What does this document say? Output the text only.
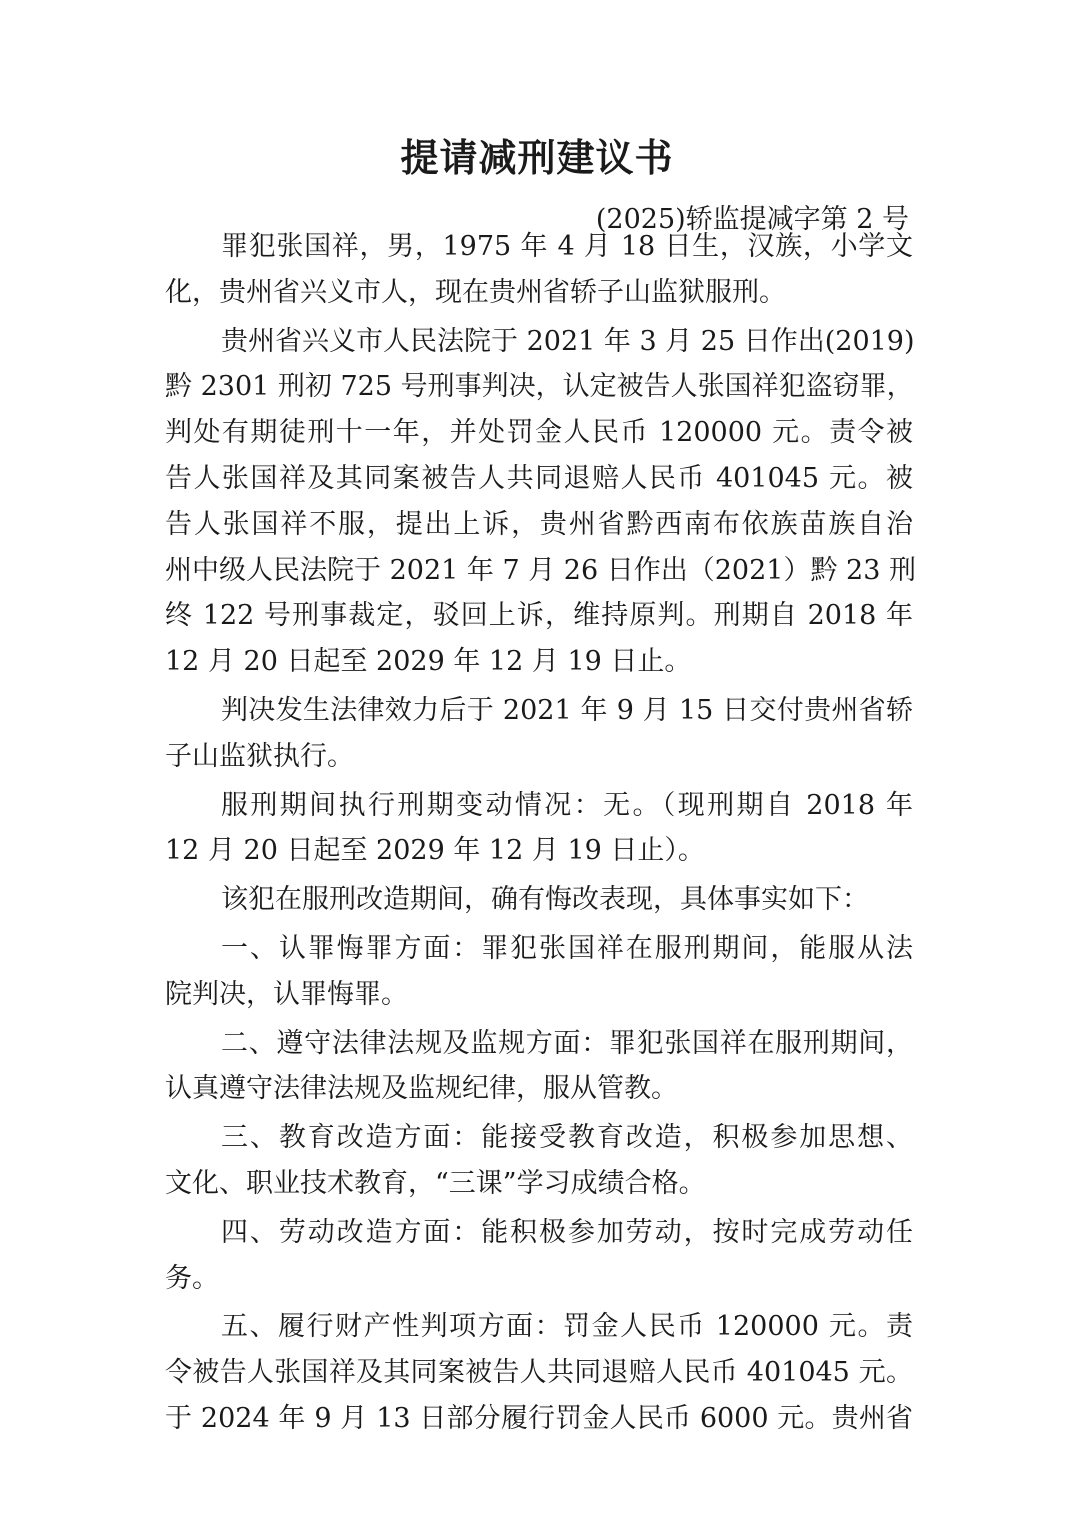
提请减刑建议书
(2025)轿监提减字第 2 号
罪犯张国祥，男，1975 年 4 月 18 日生，汉族，小学文
化，贵州省兴义市人，现在贵州省轿子山监狱服刑。
贵州省兴义市人民法院于 2021 年 3 月 25 日作出(2019)
黔 2301 刑初 725 号刑事判决，认定被告人张国祥犯盗窃罪，
判处有期徒刑十一年，并处罚金人民币 120000 元。责令被
告人张国祥及其同案被告人共同退赔人民币 401045 元。被
告人张国祥不服，提出上诉，贵州省黔西南布依族苗族自治
州中级人民法院于 2021 年 7 月 26 日作出（2021）黔 23 刑
终 122 号刑事裁定，驳回上诉，维持原判。刑期自 2018 年
12 月 20 日起至 2029 年 12 月 19 日止。
判决发生法律效力后于 2021 年 9 月 15 日交付贵州省轿
子山监狱执行。
服刑期间执行刑期变动情况：无。（现刑期自 2018 年
12 月 20 日起至 2029 年 12 月 19 日止）。
该犯在服刑改造期间，确有悔改表现，具体事实如下：
一、认罪悔罪方面：罪犯张国祥在服刑期间，能服从法
院判决，认罪悔罪。
二、遵守法律法规及监规方面：罪犯张国祥在服刑期间，
认真遵守法律法规及监规纪律，服从管教。
三、教育改造方面：能接受教育改造，积极参加思想、
文化、职业技术教育，“三课”学习成绩合格。
四、劳动改造方面：能积极参加劳动，按时完成劳动任
务。
五、履行财产性判项方面：罚金人民币 120000 元。责
令被告人张国祥及其同案被告人共同退赔人民币 401045 元。
于 2024 年 9 月 13 日部分履行罚金人民币 6000 元。贵州省
